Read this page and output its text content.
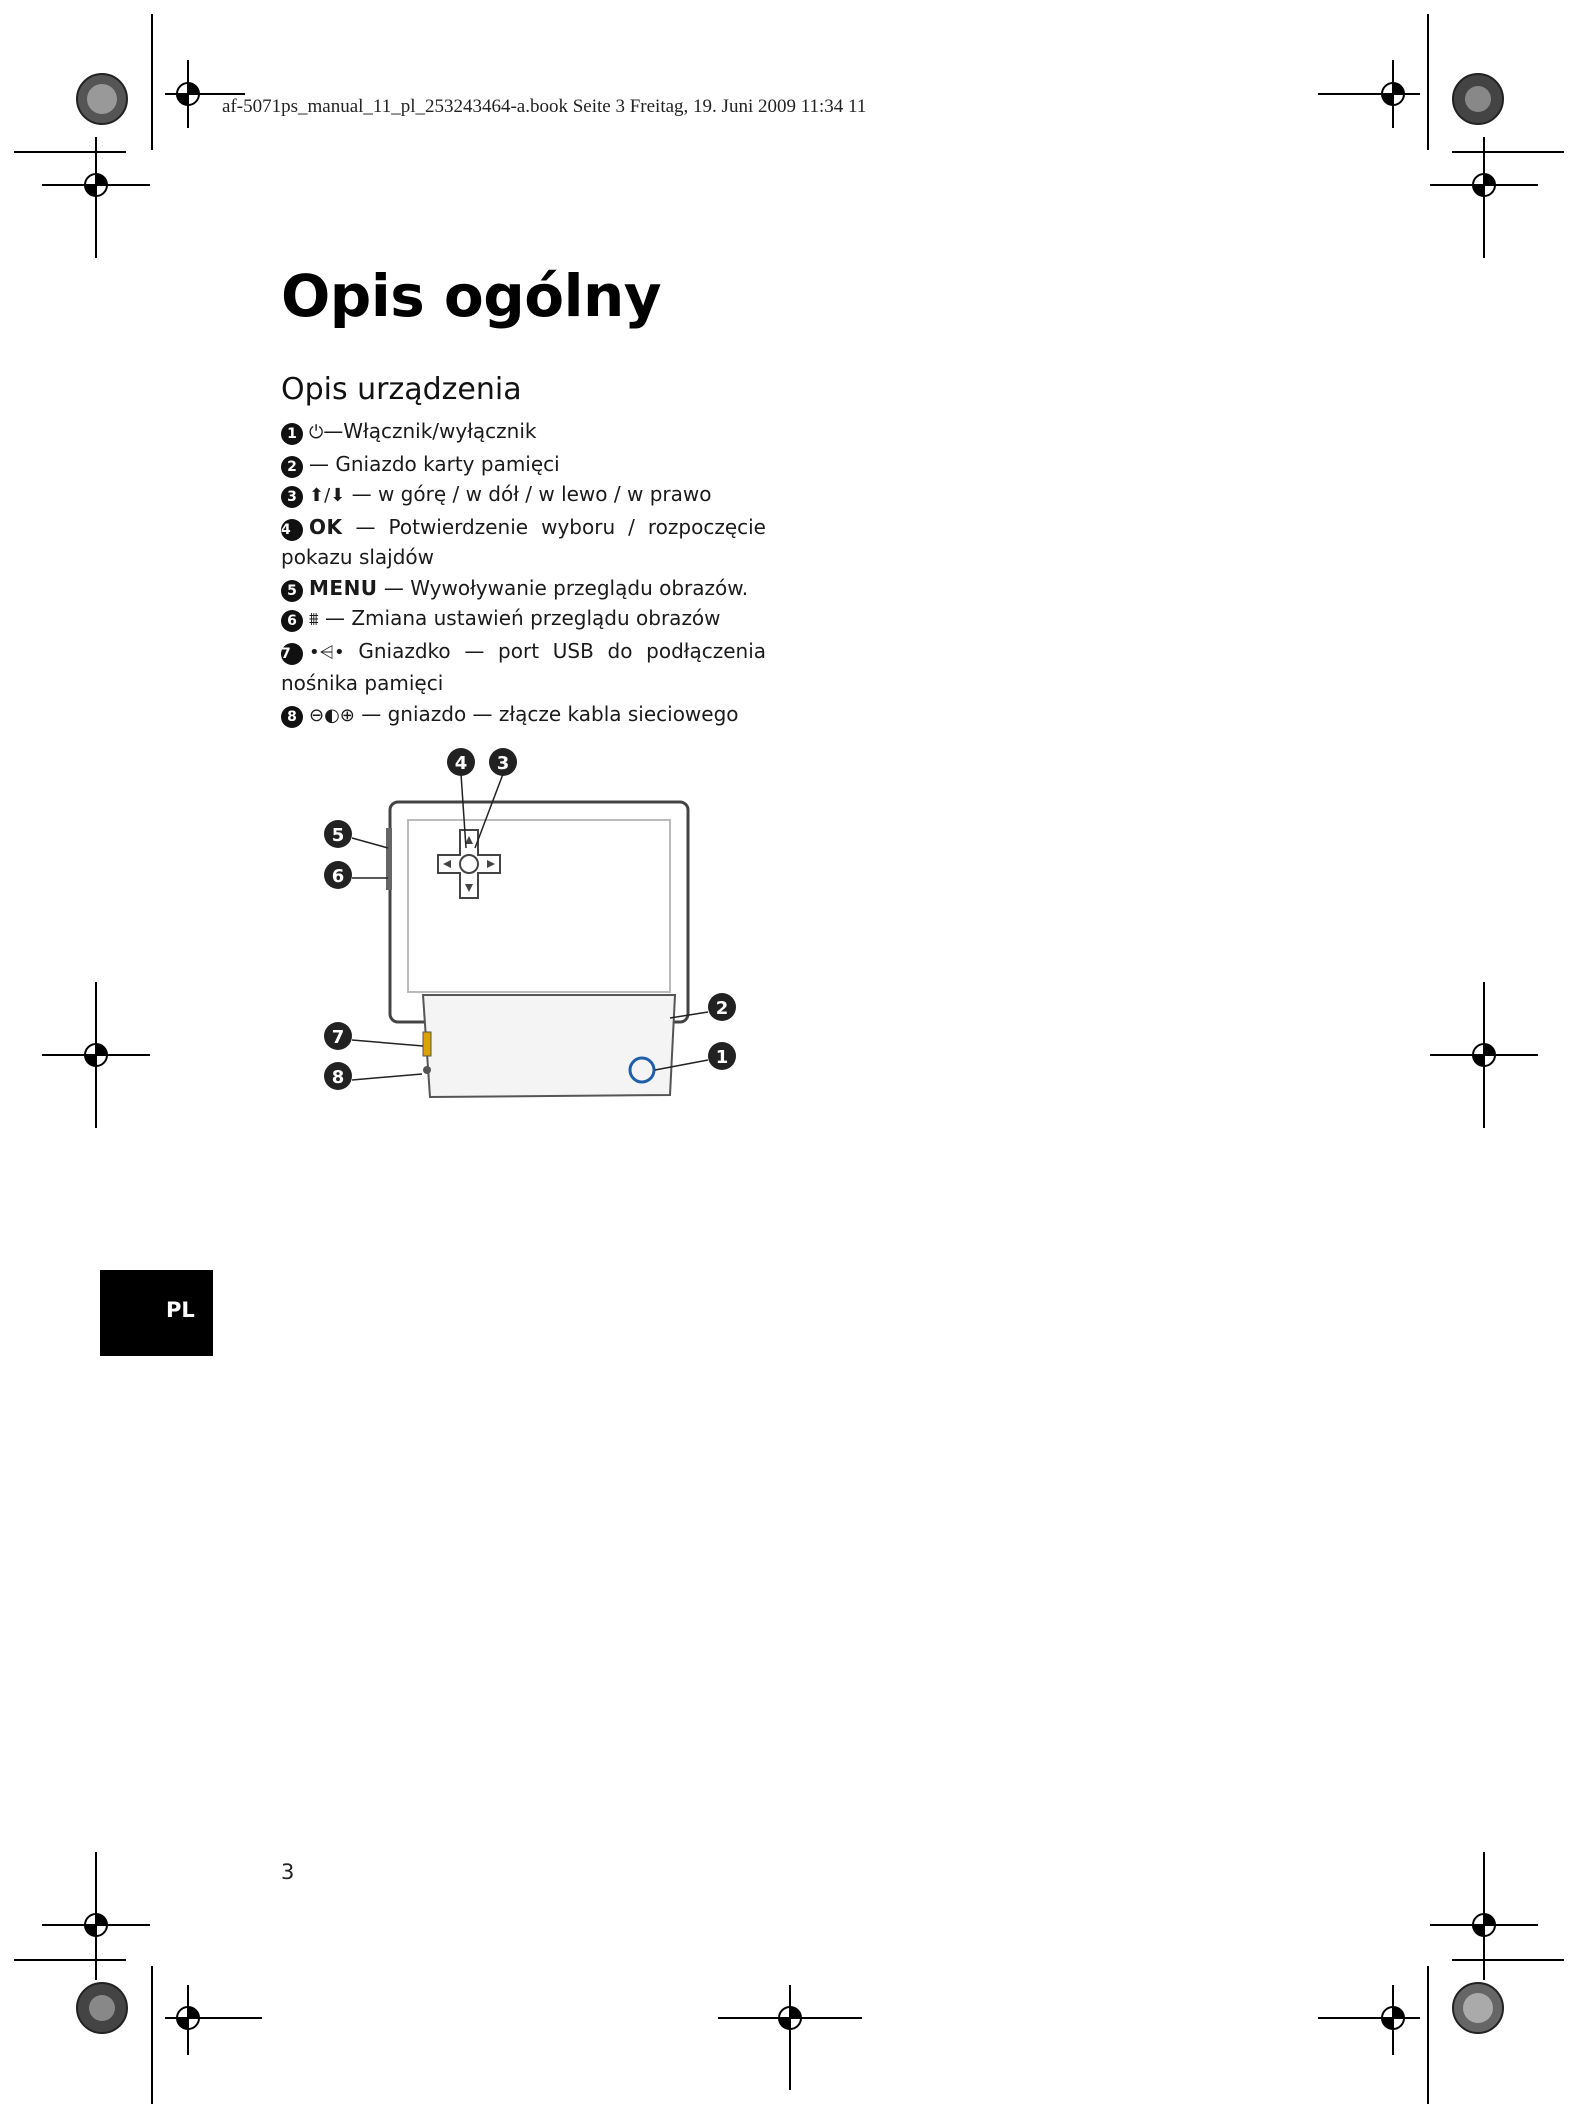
af-5071ps_manual_11_pl_253243464-a.book Seite 3 Freitag, 19. Juni 2009 11:34 11
Opis ogólny
Opis urządzenia

1 ⏻—Włącznik/wyłącznik

2 — Gniazdo karty pamięci

3 ⬆/⬇ — w górę / w dół / w lewo / w prawo

4 OK — Potwierdzenie wyboru / rozpoczęcie pokazu slajdów

5 MENU — Wywoływanie przeglądu obrazów.

6 ⩩ — Zmiana ustawień przeglądu obrazów

7 •⩤• Gniazdko — port USB do podłączenia nośnika pamięci

8 ⊖◐⊕ — gniazdo — złącze kabla sieciowego

4 3
5
6
7
8
2
1
PL
3
